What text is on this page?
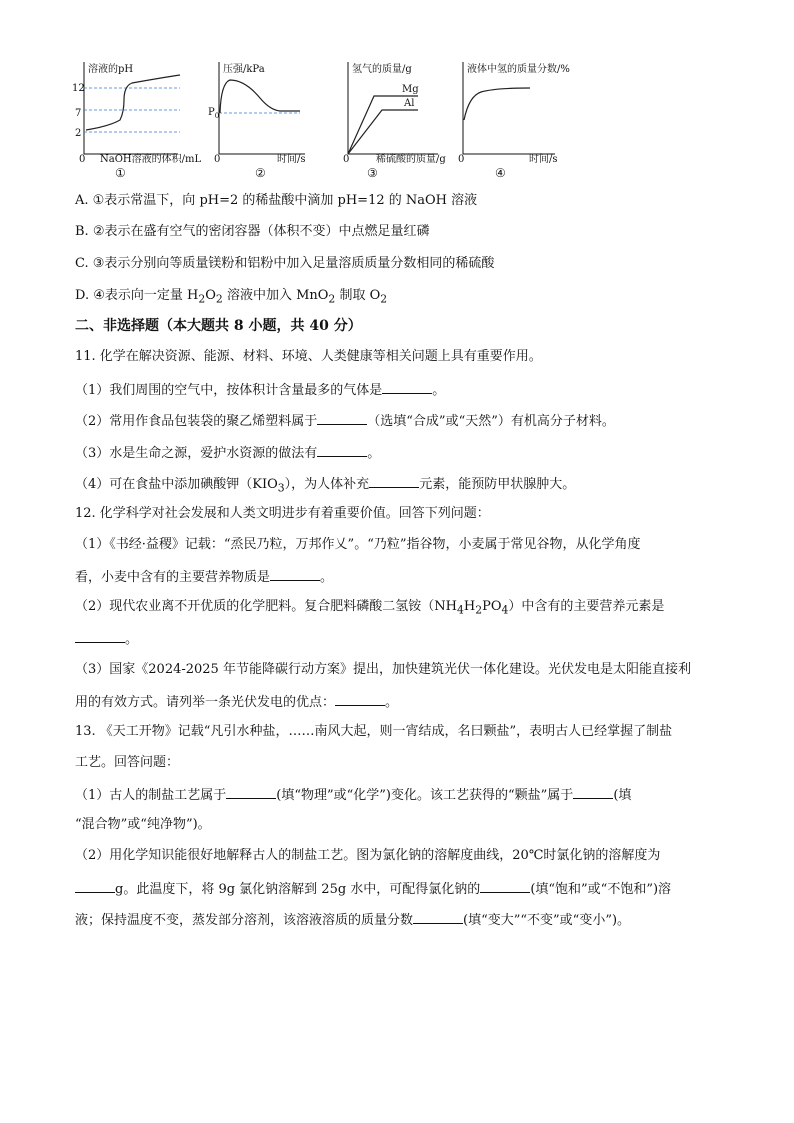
溶液的pH
12
7
2
0 NaOH溶液的体积/mL
①
压强/kPa
$P_0$
0	时间/s
②
氢气的质量/g
Mg
Al
0	稀硫酸的质量/g
③
液体中氢的质量分数/%
0	时间/s
④
A. ①表示常温下，向 pH=2 的稀盐酸中滴加 pH=12 的 NaOH 溶液
B. ②表示在盛有空气的密闭容器（体积不变）中点燃足量红磷
C. ③表示分别向等质量镁粉和铝粉中加入足量溶质质量分数相同的稀硫酸
D. ④表示向一定量 $H_2O_2$ 溶液中加入 MnO$_2$ 制取 $O_2$
二、非选择题（本大题共 8 小题，共 40 分）
11. 化学在解决资源、能源、材料、环境、人类健康等相关问题上具有重要作用。
（1）我们周围的空气中，按体积计含量最多的气体是	。
（2）常用作食品包装袋的聚乙烯塑料属于	（选填“合成”或“天然”）有机高分子材料。
（3）水是生命之源，爱护水资源的做法有	。
（4）可在食盐中添加碘酸钾$(KIO_3)$，为人体补充	元素，能预防甲状腺肿大。
12. 化学科学对社会发展和人类文明进步有着重要价值。回答下列问题：
（1）《书经·益稷》记载：“烝民乃粒，万邦作乂”。“乃粒”指谷物，小麦属于常见谷物，从化学角度
看，小麦中含有的主要营养物质是	。
（2）现代农业离不开优质的化学肥料。复合肥料磷酸二氢铵$(NH_4H_2PO_4)$中含有的主要营养元素是
。
（3）国家《2024-2025 年节能降碳行动方案》提出，加快建筑光伏一体化建设。光伏发电是太阳能直接利
用的有效方式。请列举一条光伏发电的优点：	。
13. 《天工开物》记载“凡引水种盐，……南风大起，则一宵结成，名曰颗盐”，表明古人已经掌握了制盐
工艺。回答问题：
（1）古人的制盐工艺属于	(填“物理”或“化学”)变化。该工艺获得的“颗盐”属于	(填
“混合物”或“纯净物”)。
（2）用化学知识能很好地解释古人的制盐工艺。图为氯化钠的溶解度曲线，20℃时氯化钠的溶解度为
g。此温度下，将 9g 氯化钠溶解到 25g 水中，可配得氯化钠的	(填“饱和”或“不饱和”)溶
液；保持温度不变，蒸发部分溶剂，该溶液溶质的质量分数	(填“变大”“不变”或“变小”)。
